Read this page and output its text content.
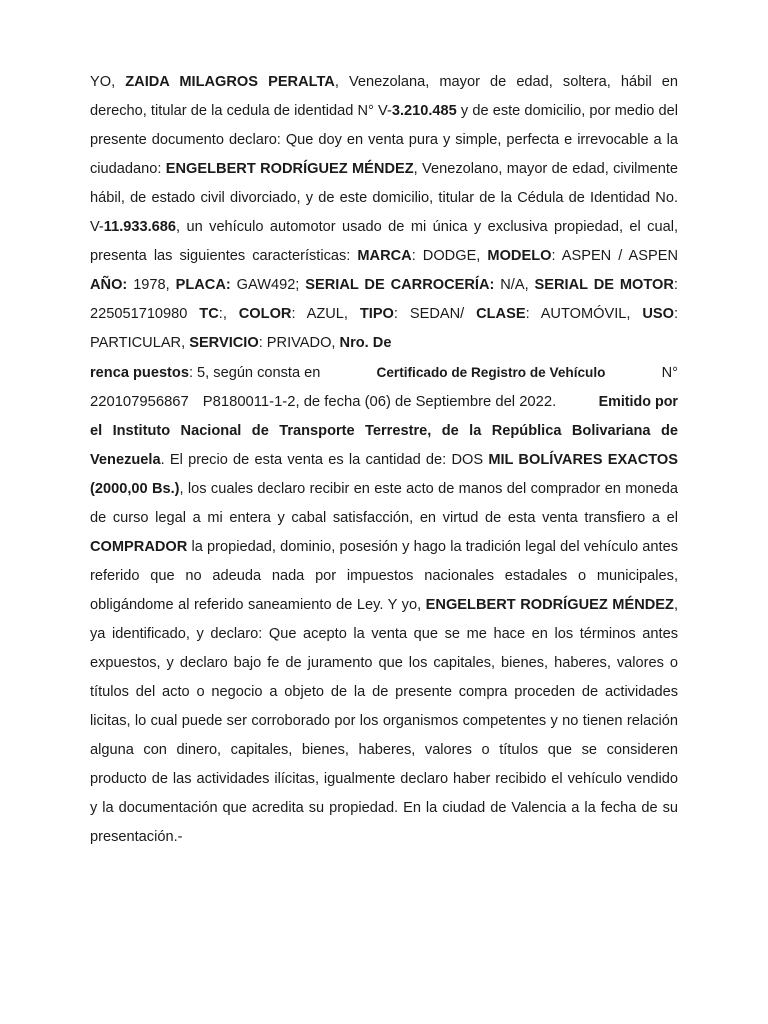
YO, ZAIDA MILAGROS PERALTA, Venezolana, mayor de edad, soltera, hábil en derecho, titular de la cedula de identidad N° V-3.210.485 y de este domicilio, por medio del presente documento declaro: Que doy en venta pura y simple, perfecta e irrevocable a la ciudadano: ENGELBERT RODRÍGUEZ MÉNDEZ, Venezolano, mayor de edad, civilmente hábil, de estado civil divorciado, y de este domicilio, titular de la Cédula de Identidad No. V-11.933.686, un vehículo automotor usado de mi única y exclusiva propiedad, el cual, presenta las siguientes características: MARCA: DODGE, MODELO: ASPEN / ASPEN AÑO: 1978, PLACA: GAW492; SERIAL DE CARROCERÍA: N/A, SERIAL DE MOTOR: 225051710980 TC:, COLOR: AZUL, TIPO: SEDAN/ CLASE: AUTOMÓVIL, USO: PARTICULAR, SERVICIO: PRIVADO, Nro. De

renca puestos: 5, según consta en	Certificado de Registro de Vehículo	N°
220107956867 P8180011-1-2, de fecha (06) de Septiembre del 2022.	Emitido por

el Instituto Nacional de Transporte Terrestre, de la República Bolivariana de Venezuela. El precio de esta venta es la cantidad de: DOS MIL BOLÍVARES EXACTOS (2000,00 Bs.), los cuales declaro recibir en este acto de manos del comprador en moneda de curso legal a mi entera y cabal satisfacción, en virtud de esta venta transfiero a el COMPRADOR la propiedad, dominio, posesión y hago la tradición legal del vehículo antes referido que no adeuda nada por impuestos nacionales estadales o municipales, obligándome al referido saneamiento de Ley. Y yo, ENGELBERT RODRÍGUEZ MÉNDEZ, ya identificado, y declaro: Que acepto la venta que se me hace en los términos antes expuestos, y declaro bajo fe de juramento que los capitales, bienes, haberes, valores o títulos del acto o negocio a objeto de la de presente compra proceden de actividades licitas, lo cual puede ser corroborado por los organismos competentes y no tienen relación alguna con dinero, capitales, bienes, haberes, valores o títulos que se consideren producto de las actividades ilícitas, igualmente declaro haber recibido el vehículo vendido y la documentación que acredita su propiedad. En la ciudad de Valencia a la fecha de su presentación.-
